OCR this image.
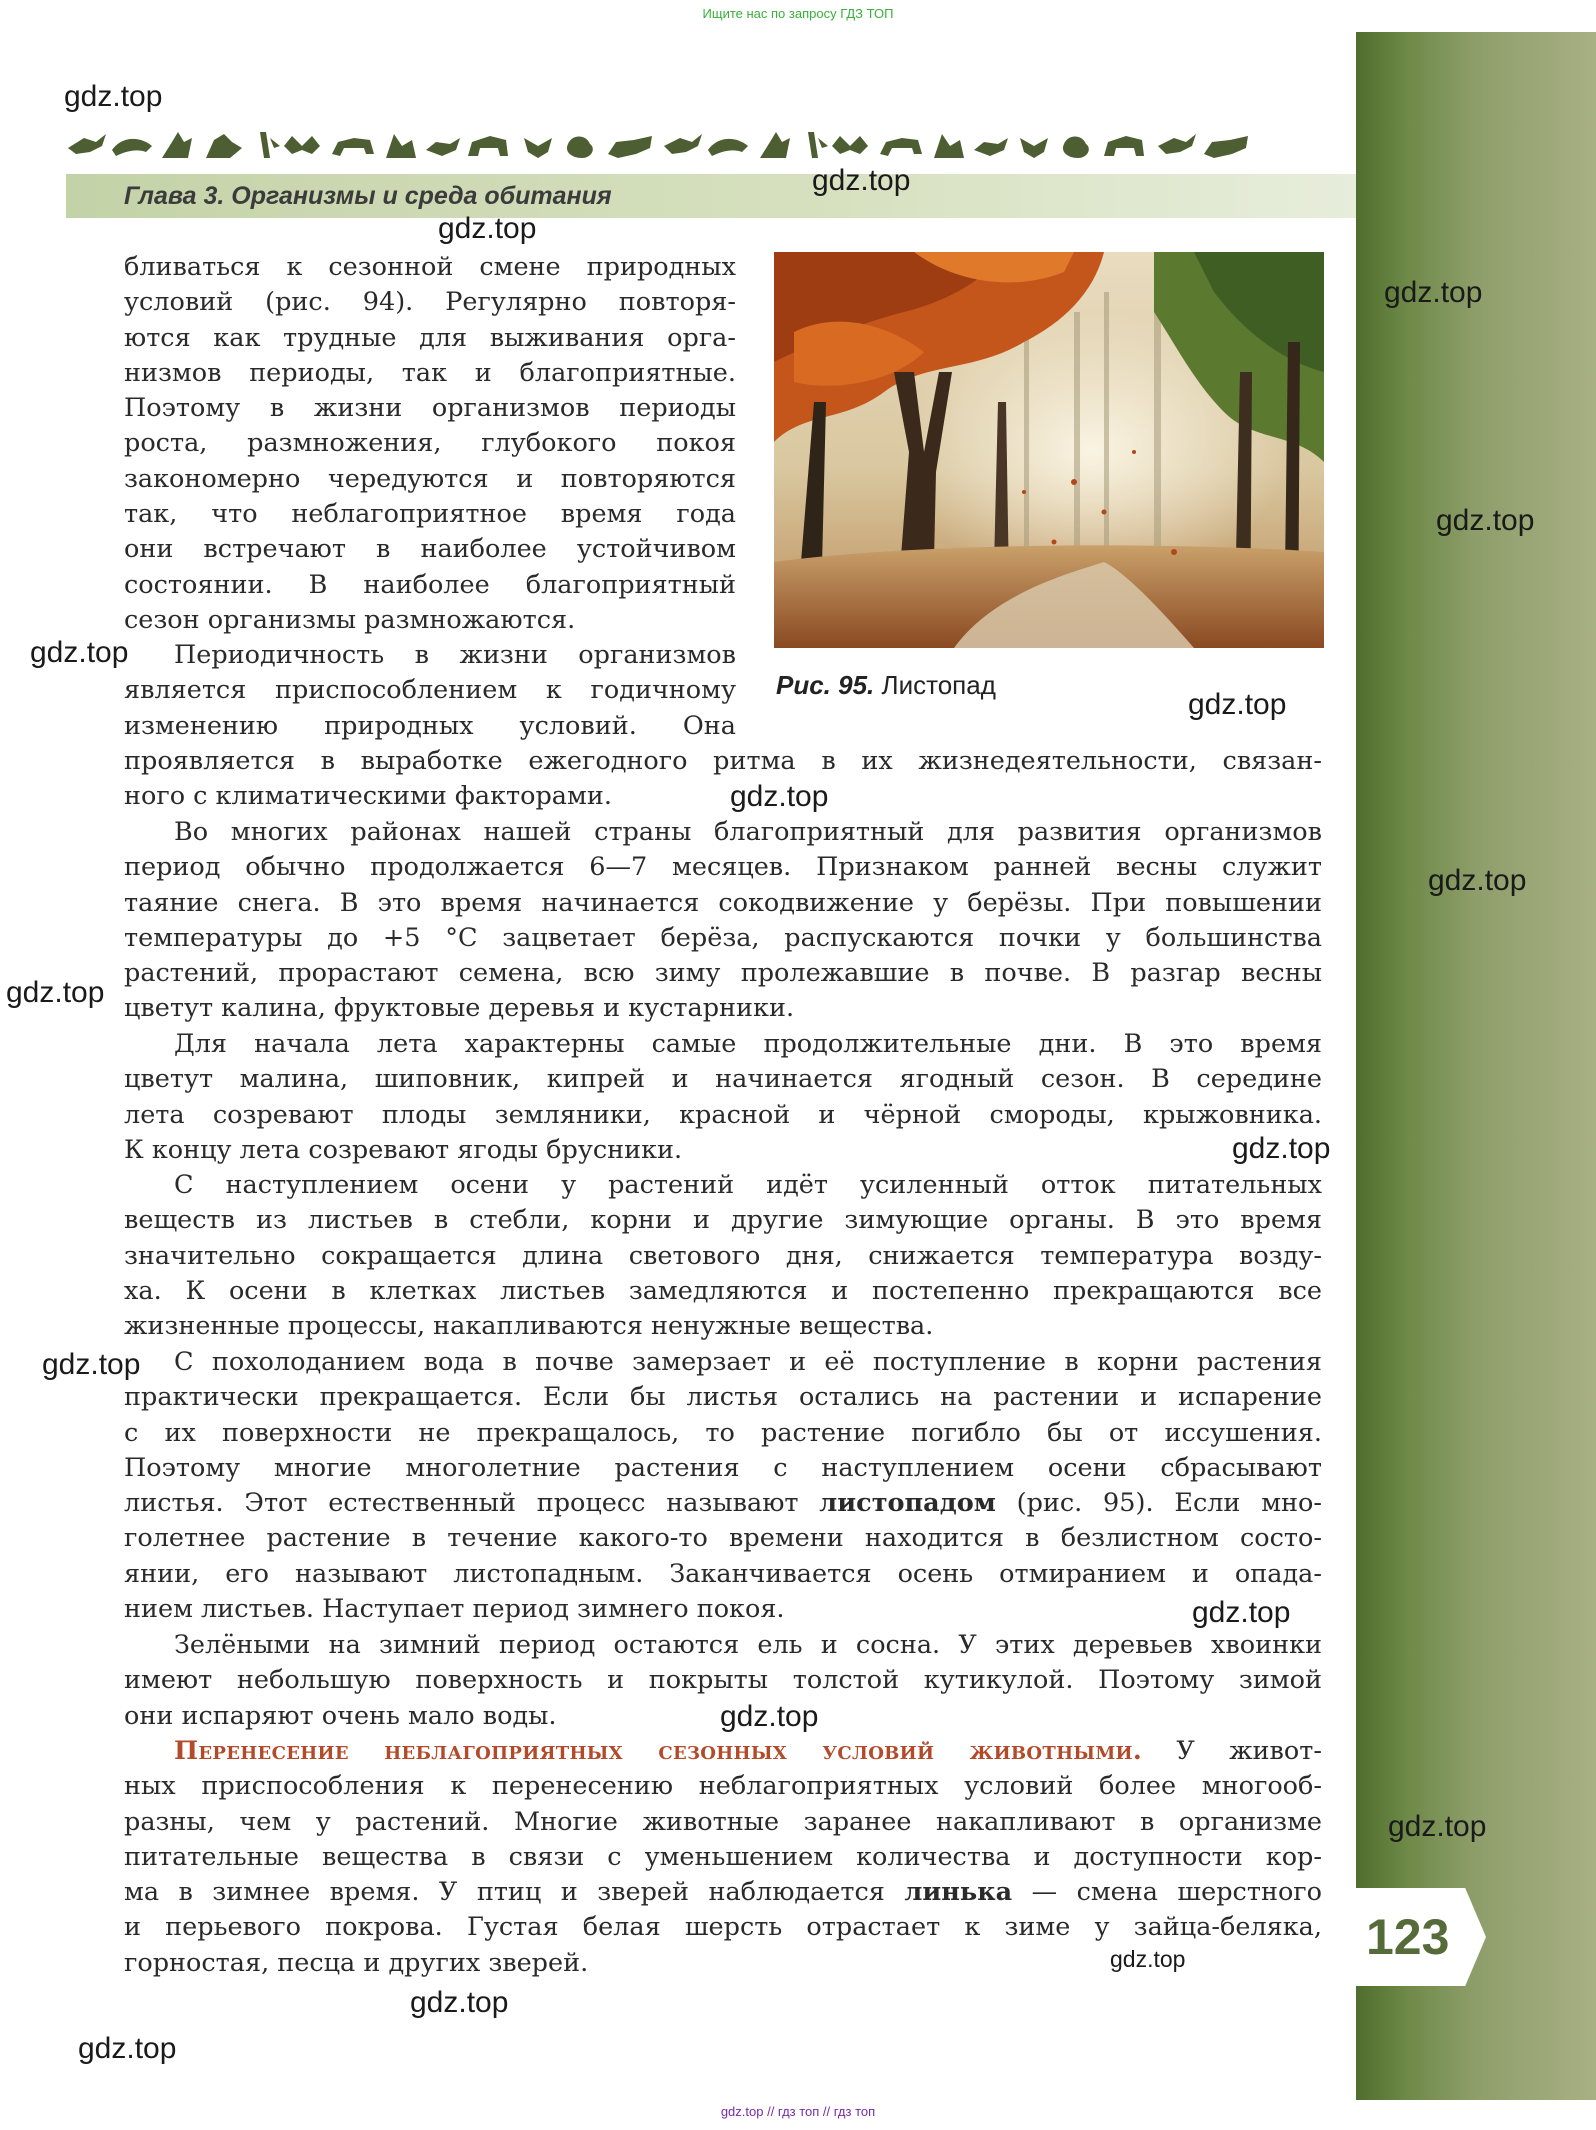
Ищите нас по запросу ГДЗ ТОП
123
Глава 3. Организмы и среда обитания
Рис. 95. Листопад
бливаться к сезонной смене природных
условий (рис. 94). Регулярно повторя-
ются как трудные для выживания орга-
низмов периоды, так и благоприятные.
Поэтому в жизни организмов периоды
роста, размножения, глубокого покоя
закономерно чередуются и повторяются
так, что неблагоприятное время года
они встречают в наиболее устойчивом
состоянии. В наиболее благоприятный
сезон организмы размножаются.
Периодичность в жизни организмов
является приспособлением к годичному
изменению природных условий. Она
проявляется в выработке ежегодного ритма в их жизнедеятельности, связан-
ного с климатическими факторами.
Во многих районах нашей страны благоприятный для развития организмов
период обычно продолжается 6—7 месяцев. Признаком ранней весны служит
таяние снега. В это время начинается сокодвижение у берёзы. При повышении
температуры до +5 °С зацветает берёза, распускаются почки у большинства
растений, прорастают семена, всю зиму пролежавшие в почве. В разгар весны
цветут калина, фруктовые деревья и кустарники.
Для начала лета характерны самые продолжительные дни. В это время
цветут малина, шиповник, кипрей и начинается ягодный сезон. В середине
лета созревают плоды земляники, красной и чёрной смороды, крыжовника.
К концу лета созревают ягоды брусники.
С наступлением осени у растений идёт усиленный отток питательных
веществ из листьев в стебли, корни и другие зимующие органы. В это время
значительно сокращается длина светового дня, снижается температура возду-
ха. К осени в клетках листьев замедляются и постепенно прекращаются все
жизненные процессы, накапливаются ненужные вещества.
С похолоданием вода в почве замерзает и её поступление в корни растения
практически прекращается. Если бы листья остались на растении и испарение
с их поверхности не прекращалось, то растение погибло бы от иссушения.
Поэтому многие многолетние растения с наступлением осени сбрасывают
листья. Этот естественный процесс называют листопадом (рис. 95). Если мно-
голетнее растение в течение какого-то времени находится в безлистном состо-
янии, его называют листопадным. Заканчивается осень отмиранием и опада-
нием листьев. Наступает период зимнего покоя.
Зелёными на зимний период остаются ель и сосна. У этих деревьев хвоинки
имеют небольшую поверхность и покрыты толстой кутикулой. Поэтому зимой
они испаряют очень мало воды.
Перенесение неблагоприятных сезонных условий животными. У живот-
ных приспособления к перенесению неблагоприятных условий более многооб-
разны, чем у растений. Многие животные заранее накапливают в организме
питательные вещества в связи с уменьшением количества и доступности кор-
ма в зимнее время. У птиц и зверей наблюдается линька — смена шерстного
и перьевого покрова. Густая белая шерсть отрастает к зиме у зайца-беляка,
горностая, песца и других зверей.
gdz.top
gdz.top
gdz.top
gdz.top
gdz.top
gdz.top
gdz.top
gdz.top
gdz.top
gdz.top
gdz.top
gdz.top
gdz.top
gdz.top
gdz.top
gdz.top
gdz.top
gdz.top
gdz.top // гдз топ // гдз топ
